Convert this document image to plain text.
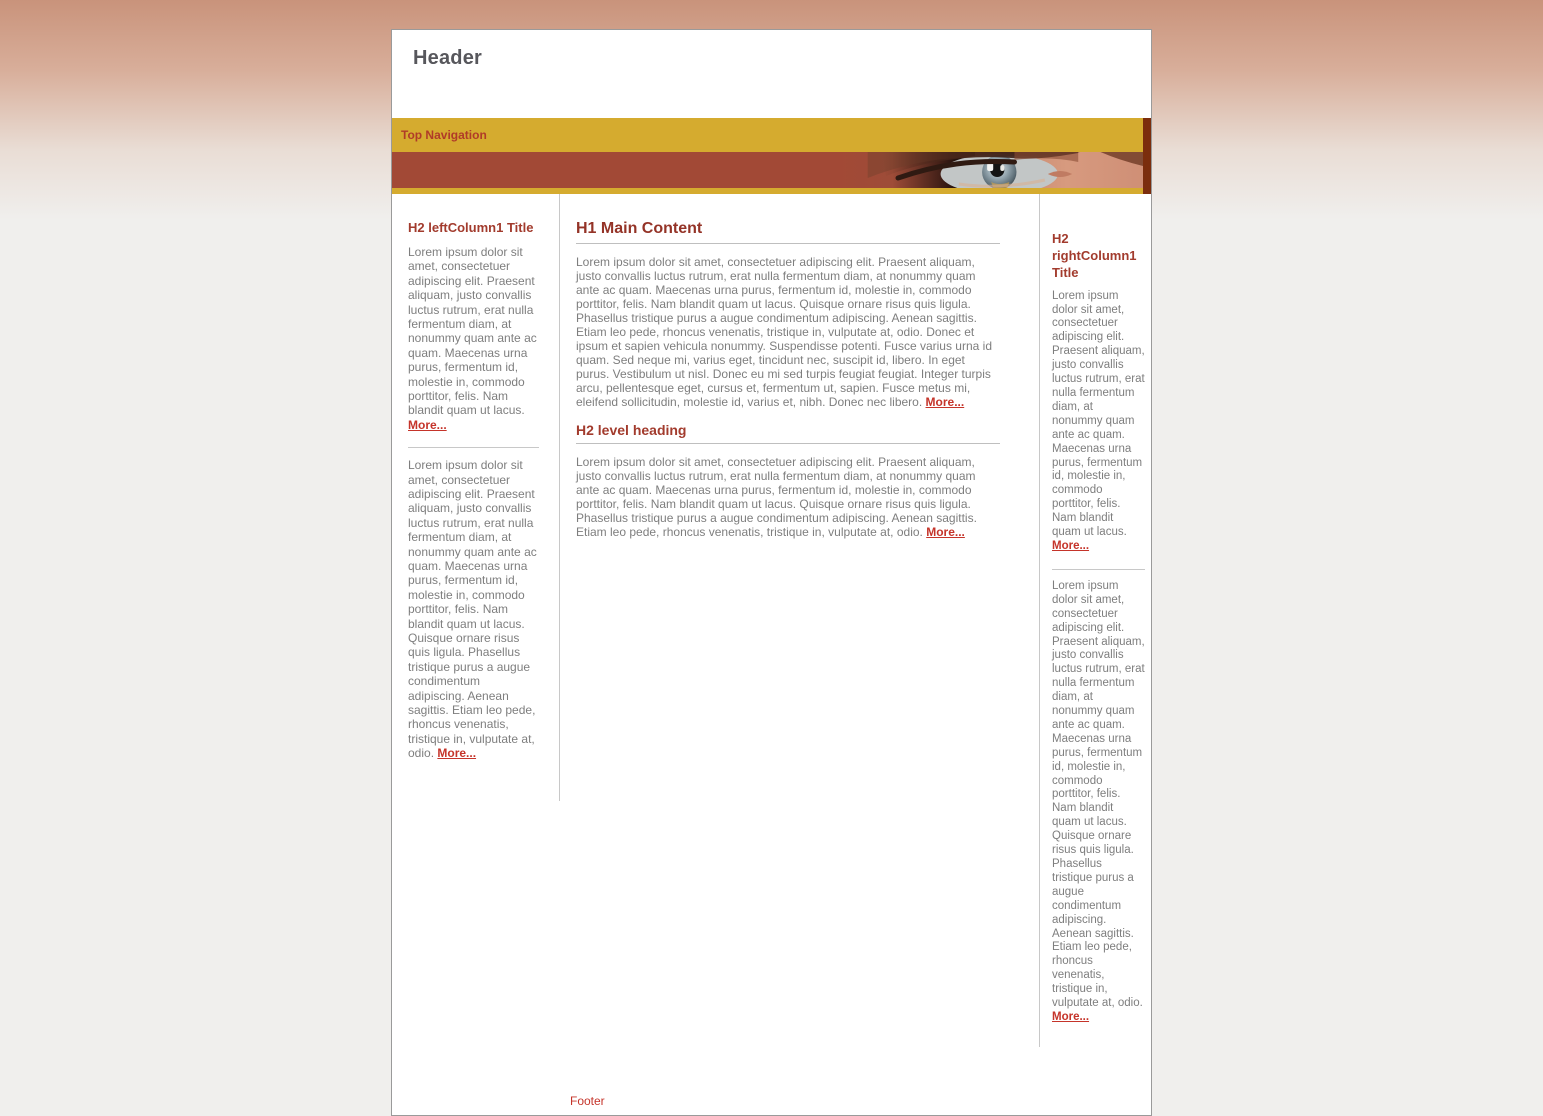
Header
Top Navigation
H2 leftColumn1 Title

Lorem ipsum dolor sit amet, consectetuer adipiscing elit. Praesent aliquam, justo convallis luctus rutrum, erat nulla fermentum diam, at nonummy quam ante ac quam. Maecenas urna purus, fermentum id, molestie in, commodo porttitor, felis. Nam blandit quam ut lacus. More...

Lorem ipsum dolor sit amet, consectetuer adipiscing elit. Praesent aliquam, justo convallis luctus rutrum, erat nulla fermentum diam, at nonummy quam ante ac quam. Maecenas urna purus, fermentum id, molestie in, commodo porttitor, felis. Nam blandit quam ut lacus. Quisque ornare risus quis ligula. Phasellus tristique purus a augue condimentum adipiscing. Aenean sagittis. Etiam leo pede, rhoncus venenatis, tristique in, vulputate at, odio. More...

H1 Main Content

Lorem ipsum dolor sit amet, consectetuer adipiscing elit. Praesent aliquam, justo convallis luctus rutrum, erat nulla fermentum diam, at nonummy quam ante ac quam. Maecenas urna purus, fermentum id, molestie in, commodo porttitor, felis. Nam blandit quam ut lacus. Quisque ornare risus quis ligula. Phasellus tristique purus a augue condimentum adipiscing. Aenean sagittis. Etiam leo pede, rhoncus venenatis, tristique in, vulputate at, odio. Donec et ipsum et sapien vehicula nonummy. Suspendisse potenti. Fusce varius urna id quam. Sed neque mi, varius eget, tincidunt nec, suscipit id, libero. In eget purus. Vestibulum ut nisl. Donec eu mi sed turpis feugiat feugiat. Integer turpis arcu, pellentesque eget, cursus et, fermentum ut, sapien. Fusce metus mi, eleifend sollicitudin, molestie id, varius et, nibh. Donec nec libero. More...

H2 level heading

Lorem ipsum dolor sit amet, consectetuer adipiscing elit. Praesent aliquam, justo convallis luctus rutrum, erat nulla fermentum diam, at nonummy quam ante ac quam. Maecenas urna purus, fermentum id, molestie in, commodo porttitor, felis. Nam blandit quam ut lacus. Quisque ornare risus quis ligula. Phasellus tristique purus a augue condimentum adipiscing. Aenean sagittis. Etiam leo pede, rhoncus venenatis, tristique in, vulputate at, odio. More...

H2 rightColumn1 Title

Lorem ipsum dolor sit amet, consectetuer adipiscing elit. Praesent aliquam, justo convallis luctus rutrum, erat nulla fermentum diam, at nonummy quam ante ac quam. Maecenas urna purus, fermentum id, molestie in, commodo porttitor, felis. Nam blandit quam ut lacus. More...

Lorem ipsum dolor sit amet, consectetuer adipiscing elit. Praesent aliquam, justo convallis luctus rutrum, erat nulla fermentum diam, at nonummy quam ante ac quam. Maecenas urna purus, fermentum id, molestie in, commodo porttitor, felis. Nam blandit quam ut lacus. Quisque ornare risus quis ligula. Phasellus tristique purus a augue condimentum adipiscing. Aenean sagittis. Etiam leo pede, rhoncus venenatis, tristique in, vulputate at, odio. More...

Footer
